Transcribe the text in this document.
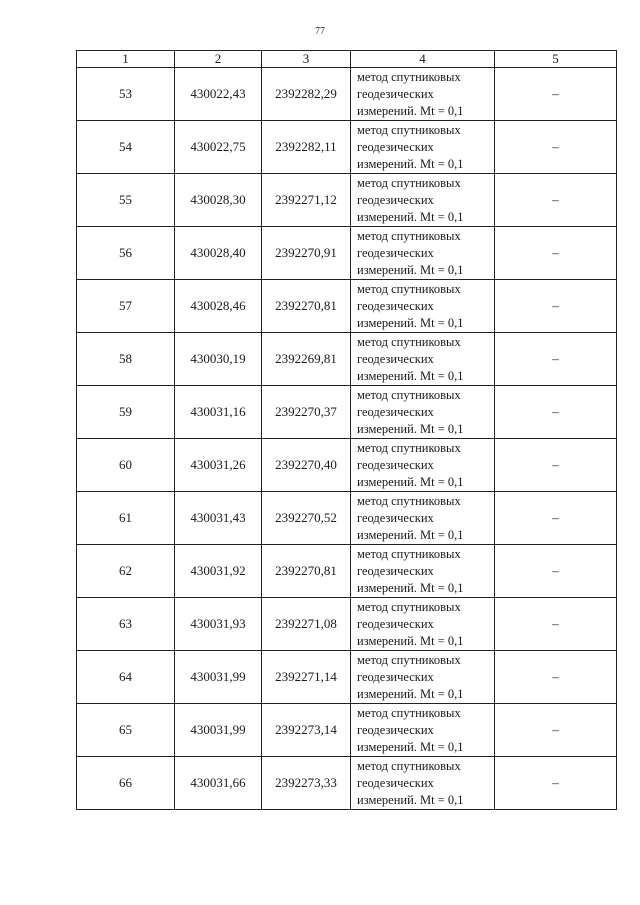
77
1	2	3	4	5
53	430022,43	2392282,29	метод спутниковых
геодезических
измерений. Mt = 0,1	–
54	430022,75	2392282,11	метод спутниковых
геодезических
измерений. Mt = 0,1	–
55	430028,30	2392271,12	метод спутниковых
геодезических
измерений. Mt = 0,1	–
56	430028,40	2392270,91	метод спутниковых
геодезических
измерений. Mt = 0,1	–
57	430028,46	2392270,81	метод спутниковых
геодезических
измерений. Mt = 0,1	–
58	430030,19	2392269,81	метод спутниковых
геодезических
измерений. Mt = 0,1	–
59	430031,16	2392270,37	метод спутниковых
геодезических
измерений. Mt = 0,1	–
60	430031,26	2392270,40	метод спутниковых
геодезических
измерений. Mt = 0,1	–
61	430031,43	2392270,52	метод спутниковых
геодезических
измерений. Mt = 0,1	–
62	430031,92	2392270,81	метод спутниковых
геодезических
измерений. Mt = 0,1	–
63	430031,93	2392271,08	метод спутниковых
геодезических
измерений. Mt = 0,1	–
64	430031,99	2392271,14	метод спутниковых
геодезических
измерений. Mt = 0,1	–
65	430031,99	2392273,14	метод спутниковых
геодезических
измерений. Mt = 0,1	–
66	430031,66	2392273,33	метод спутниковых
геодезических
измерений. Mt = 0,1	–
